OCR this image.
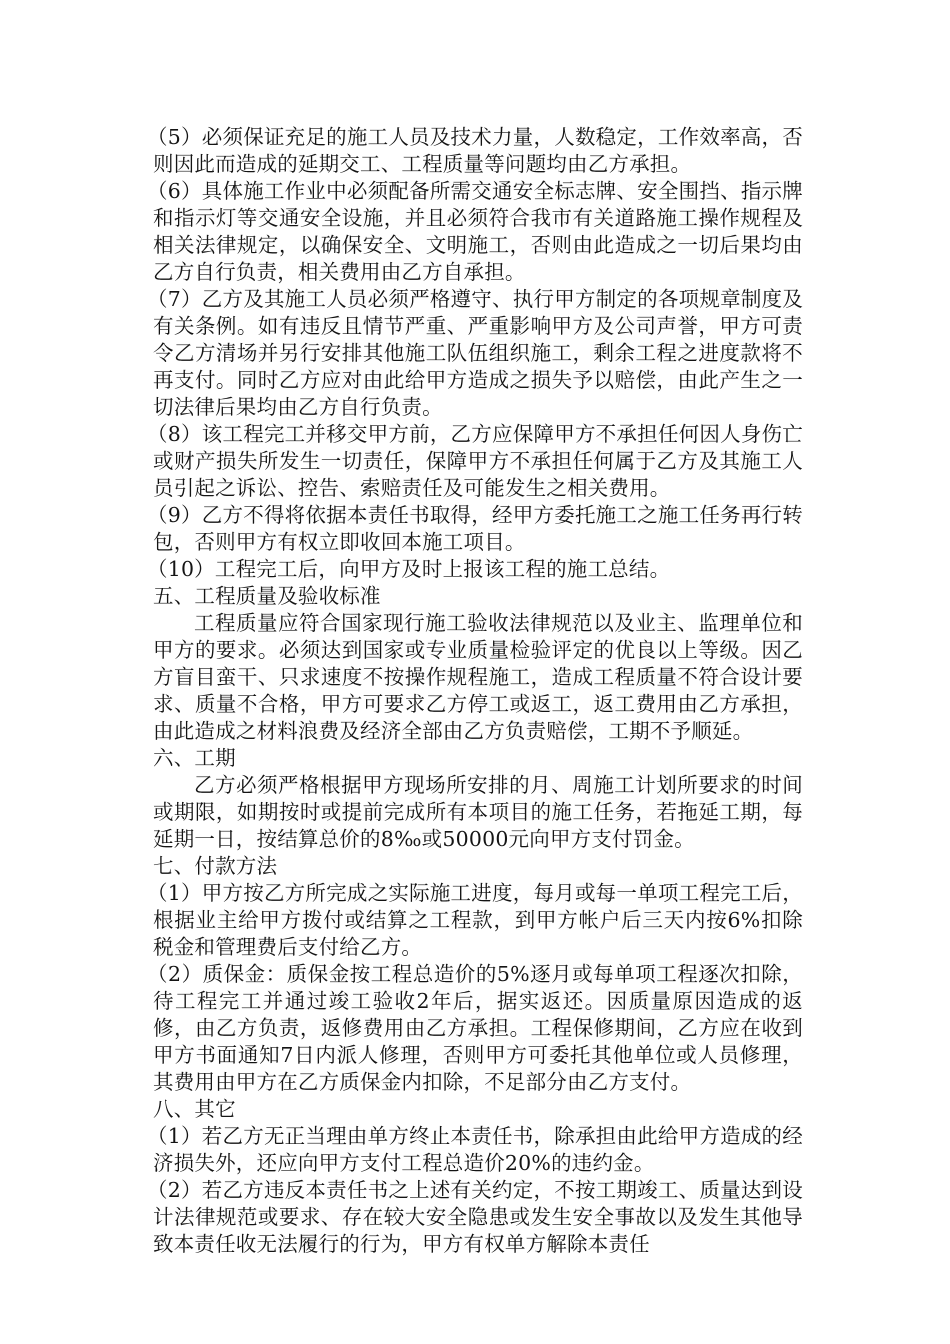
（5）必须保证充足的施工人员及技术力量，人数稳定，工作效率高，否则因此而造成的延期交工、工程质量等问题均由乙方承担。

（6）具体施工作业中必须配备所需交通安全标志牌、安全围挡、指示牌和指示灯等交通安全设施，并且必须符合我市有关道路施工操作规程及相关法律规定，以确保安全、文明施工，否则由此造成之一切后果均由乙方自行负责，相关费用由乙方自承担。

（7）乙方及其施工人员必须严格遵守、执行甲方制定的各项规章制度及有关条例。如有违反且情节严重、严重影响甲方及公司声誉，甲方可责令乙方清场并另行安排其他施工队伍组织施工，剩余工程之进度款将不再支付。同时乙方应对由此给甲方造成之损失予以赔偿，由此产生之一切法律后果均由乙方自行负责。

（8）该工程完工并移交甲方前，乙方应保障甲方不承担任何因人身伤亡或财产损失所发生一切责任，保障甲方不承担任何属于乙方及其施工人员引起之诉讼、控告、索赔责任及可能发生之相关费用。

（9）乙方不得将依据本责任书取得，经甲方委托施工之施工任务再行转包，否则甲方有权立即收回本施工项目。

（10）工程完工后，向甲方及时上报该工程的施工总结。

五、工程质量及验收标准

工程质量应符合国家现行施工验收法律规范以及业主、监理单位和甲方的要求。必须达到国家或专业质量检验评定的优良以上等级。因乙方盲目蛮干、只求速度不按操作规程施工，造成工程质量不符合设计要求、质量不合格，甲方可要求乙方停工或返工，返工费用由乙方承担，由此造成之材料浪费及经济全部由乙方负责赔偿，工期不予顺延。

六、工期

乙方必须严格根据甲方现场所安排的月、周施工计划所要求的时间或期限，如期按时或提前完成所有本项目的施工任务，若拖延工期，每延期一日，按结算总价的8‰或50000元向甲方支付罚金。

七、付款方法

（1）甲方按乙方所完成之实际施工进度，每月或每一单项工程完工后，根据业主给甲方拨付或结算之工程款，到甲方帐户后三天内按6%扣除税金和管理费后支付给乙方。

（2）质保金：质保金按工程总造价的5%逐月或每单项工程逐次扣除，待工程完工并通过竣工验收2年后，据实返还。因质量原因造成的返修，由乙方负责，返修费用由乙方承担。工程保修期间，乙方应在收到甲方书面通知7日内派人修理，否则甲方可委托其他单位或人员修理，其费用由甲方在乙方质保金内扣除，不足部分由乙方支付。

八、其它

（1）若乙方无正当理由单方终止本责任书，除承担由此给甲方造成的经济损失外，还应向甲方支付工程总造价20%的违约金。

（2）若乙方违反本责任书之上述有关约定，不按工期竣工、质量达到设计法律规范或要求、存在较大安全隐患或发生安全事故以及发生其他导致本责任收无法履行的行为，甲方有权单方解除本责任
